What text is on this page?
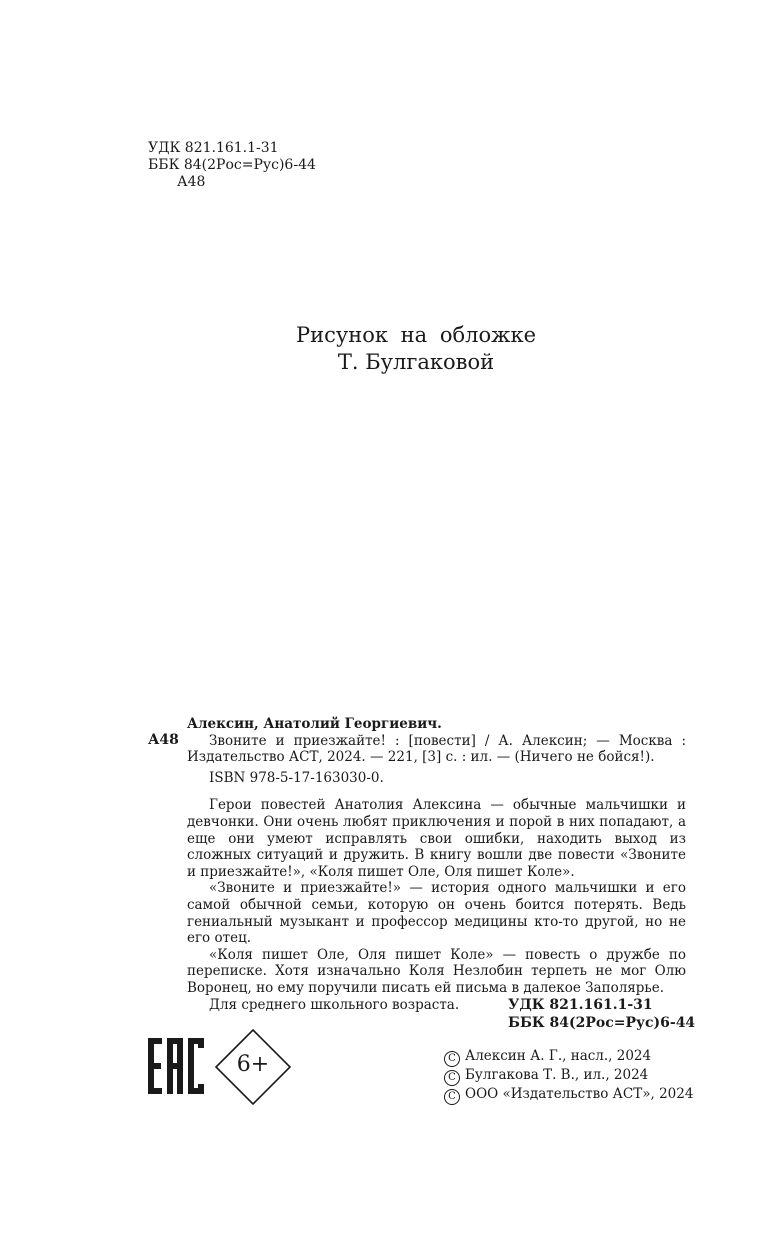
УДК 821.161.1-31
ББК 84(2Рос=Рус)6-44
А48
Рисунок на обложке
Т. Булгаковой
А48
Алексин, Анатолий Георгиевич.
Звоните и приезжайте! : [повести] / А. Алексин; — Москва : Издательство АСТ, 2024. — 221, [3] с. : ил. — (Ничего не бойся!).
ISBN 978-5-17-163030-0.

Герои повестей Анатолия Алексина — обычные мальчишки и девчонки. Они очень любят приключения и порой в них попадают, а еще они умеют исправлять свои ошибки, находить выход из сложных ситуаций и дружить. В книгу вошли две повести «Звоните и приезжайте!», «Коля пишет Оле, Оля пишет Коле».

«Звоните и приезжайте!» — история одного мальчишки и его самой обычной семьи, которую он очень боится потерять. Ведь гениальный музыкант и профессор медицины кто-то другой, но не его отец.

«Коля пишет Оле, Оля пишет Коле» — повесть о дружбе по переписке. Хотя изначально Коля Незлобин терпеть не мог Олю Воронец, но ему поручили писать ей письма в далекое Заполярье.

Для среднего школьного возраста.	УДК 821.161.1-31
ББК 84(2Рос=Рус)6-44
C Алексин А. Г., насл., 2024
C Булгакова Т. В., ил., 2024
C ООО «Издательство АСТ», 2024
6+
